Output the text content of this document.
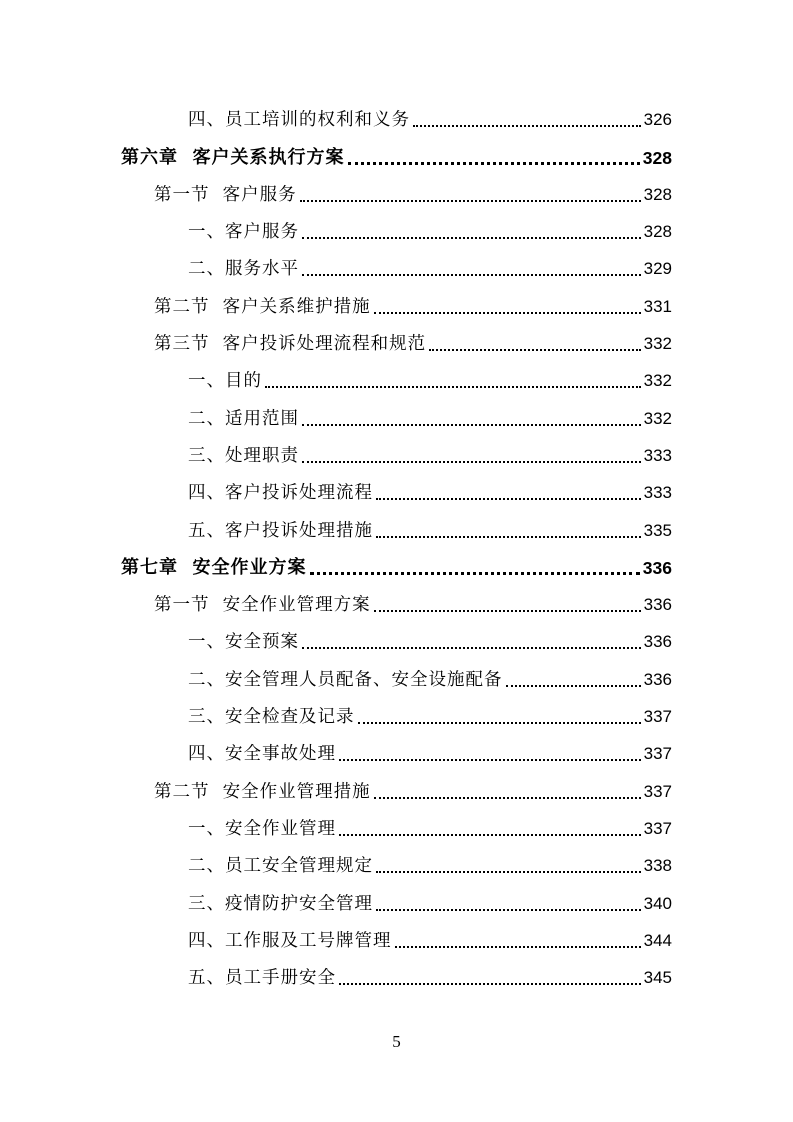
四、员工培训的权利和义务	326
第六章  客户关系执行方案	328
第一节  客户服务	328
一、客户服务	328
二、服务水平	329
第二节  客户关系维护措施	331
第三节  客户投诉处理流程和规范	332
一、目的	332
二、适用范围	332
三、处理职责	333
四、客户投诉处理流程	333
五、客户投诉处理措施	335
第七章  安全作业方案	336
第一节  安全作业管理方案	336
一、安全预案	336
二、安全管理人员配备、安全设施配备	336
三、安全检查及记录	337
四、安全事故处理	337
第二节  安全作业管理措施	337
一、安全作业管理	337
二、员工安全管理规定	338
三、疫情防护安全管理	340
四、工作服及工号牌管理	344
五、员工手册安全	345
5
